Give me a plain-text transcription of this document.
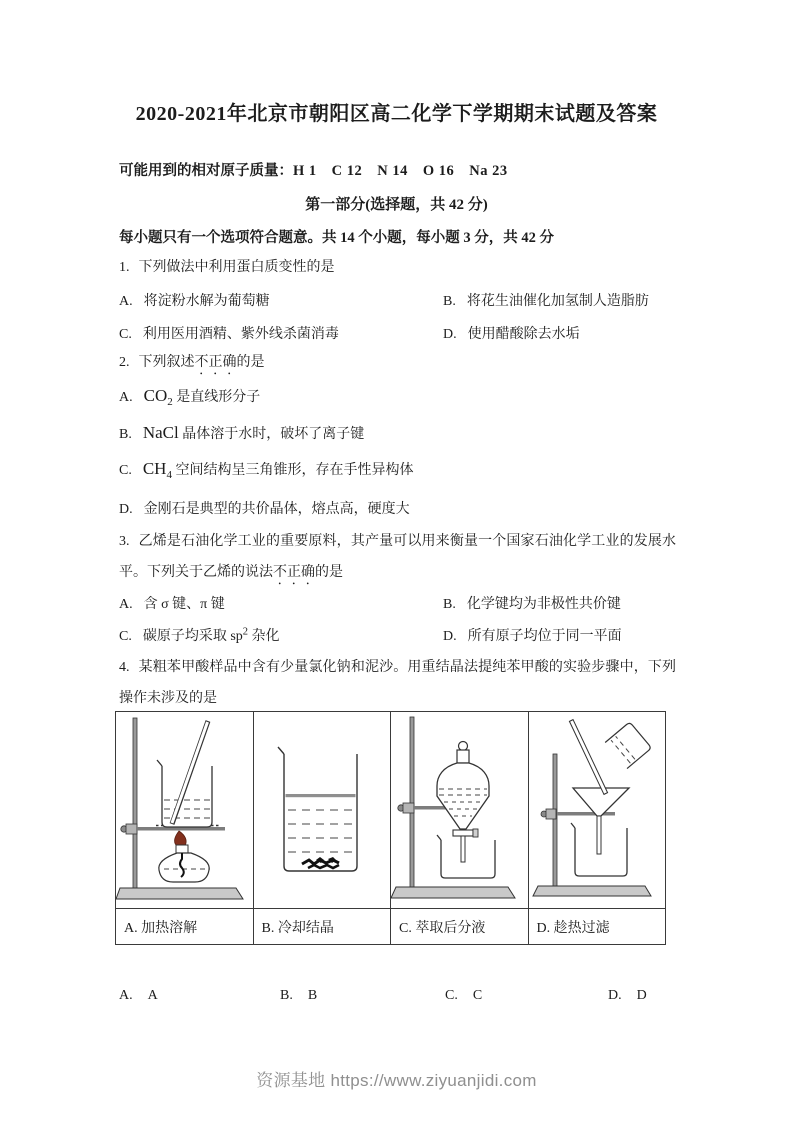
2020-2021年北京市朝阳区高二化学下学期期末试题及答案

可能用到的相对原子质量：H 1　C 12　N 14　O 16　Na 23

第一部分(选择题，共 42 分)

每小题只有一个选项符合题意。共 14 个小题，每小题 3 分，共 42 分

1. 下列做法中利用蛋白质变性的是

A. 将淀粉水解为葡萄糖	B. 将花生油催化加氢制人造脂肪
C. 利用医用酒精、紫外线杀菌消毒	D. 使用醋酸除去水垢

2. 下列叙述不正确的是

A. $CO_2$ 是直线形分子

B. NaCl 晶体溶于水时，破坏了离子键

C. $CH_4$ 空间结构呈三角锥形，存在手性异构体

D. 金刚石是典型的共价晶体，熔点高，硬度大

3. 乙烯是石油化学工业的重要原料，其产量可以用来衡量一个国家石油化学工业的发展水平。下列关于乙烯的说法不正确的是

A. 含 σ 键、π 键	B. 化学键均为非极性共价键
C. 碳原子均采取 $sp^2$ 杂化	D. 所有原子均位于同一平面

4. 某粗苯甲酸样品中含有少量氯化钠和泥沙。用重结晶法提纯苯甲酸的实验步骤中，下列操作未涉及的是

A. 加热溶解	B. 冷却结晶	C. 萃取后分液	D. 趁热过滤
A. A	B. B	C. C	D. D

资源基地 https://www.ziyuanjidi.com
